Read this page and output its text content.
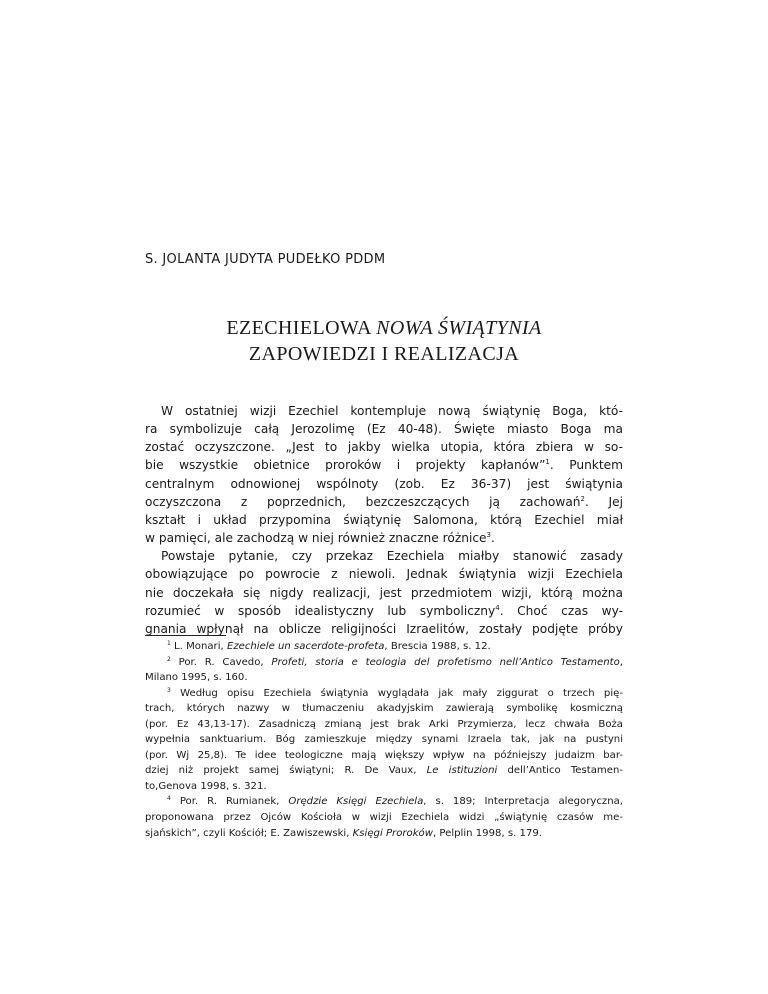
S. JOLANTA JUDYTA PUDEŁKO PDDM
EZECHIELOWA NOWA ŚWIĄTYNIA
ZAPOWIEDZI I REALIZACJA
W ostatniej wizji Ezechiel kontempluje nową świątynię Boga, któ-
ra symbolizuje całą Jerozolimę (Ez 40-48). Święte miasto Boga ma
zostać oczyszczone. „Jest to jakby wielka utopia, która zbiera w so-
bie wszystkie obietnice proroków i projekty kapłanów”$^1$. Punktem
centralnym odnowionej wspólnoty (zob. Ez 36-37) jest świątynia
oczyszczona z poprzednich, bezczeszczących ją zachowań$^2$. Jej
kształt i układ przypomina świątynię Salomona, którą Ezechiel miał
w pamięci, ale zachodzą w niej również znaczne różnice$^3$.
Powstaje pytanie, czy przekaz Ezechiela miałby stanowić zasady
obowiązujące po powrocie z niewoli. Jednak świątynia wizji Ezechiela
nie doczekała się nigdy realizacji, jest przedmiotem wizji, którą można
rozumieć w sposób idealistyczny lub symboliczny$^4$. Choć czas wy-
gnania wpłynął na oblicze religijności Izraelitów, zostały podjęte próby
$^1$ L. Monari, Ezechiele un sacerdote-profeta, Brescia 1988, s. 12.
$^2$ Por. R. Cavedo, Profeti, storia e teologia del profetismo nell’Antico Testamento,
Milano 1995, s. 160.
$^3$ Według opisu Ezechiela świątynia wyglądała jak mały ziggurat o trzech pię-
trach, których nazwy w tłumaczeniu akadyjskim zawierają symbolikę kosmiczną
(por. Ez 43,13-17). Zasadniczą zmianą jest brak Arki Przymierza, lecz chwała Boża
wypełnia sanktuarium. Bóg zamieszkuje między synami Izraela tak, jak na pustyni
(por. Wj 25,8). Te idee teologiczne mają większy wpływ na późniejszy judaizm bar-
dziej niż projekt samej świątyni; R. De Vaux, Le istituzioni dell’Antico Testamen-
to,Genova 1998, s. 321.
$^4$ Por. R. Rumianek, Orędzie Księgi Ezechiela, s. 189; Interpretacja alegoryczna,
proponowana przez Ojców Kościoła w wizji Ezechiela widzi „świątynię czasów me-
sjańskich”, czyli Kościół; E. Zawiszewski, Księgi Proroków, Pelplin 1998, s. 179.
